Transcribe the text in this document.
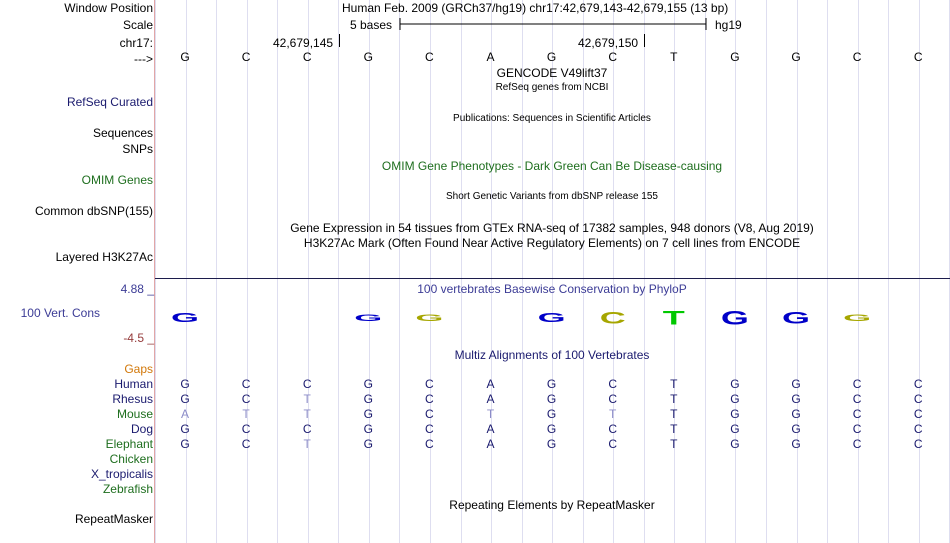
Window Position
Scale
chr17:
--->
Human Feb. 2009 (GRCh37/hg19) chr17:42,679,143-42,679,155 (13 bp)
5 bases	hg19
42,679,145	42,679,150
G	C	C	G	C	A	G	C	T	G	G	C	C
GENCODE V49lift37
RefSeq genes from NCBI
RefSeq Curated
Publications: Sequences in Scientific Articles
Sequences
SNPs
OMIM Gene Phenotypes - Dark Green Can Be Disease-causing
OMIM Genes
Short Genetic Variants from dbSNP release 155
Common dbSNP(155)
Gene Expression in 54 tissues from GTEx RNA-seq of 17382 samples, 948 donors (V8, Aug 2019)
H3K27Ac Mark (Often Found Near Active Regulatory Elements) on 7 cell lines from ENCODE
Layered H3K27Ac
100 vertebrates Basewise Conservation by PhyloP
4.88 _
100 Vert. Cons
-4.5 _
G	G G	G C	T	G G G
Multiz Alignments of 100 Vertebrates
Gaps
Human	G	C	C	G	C	A	G	C	T	G	G	C	C
Rhesus	G	C	T	G	C	A	G	C	T	G	G	C	C
Mouse	A	T	T	G	C	T	G	T	T	G	G	C	C
Dog	G	C	C	G	C	A	G	C	T	G	G	C	C
Elephant	G	C	T	G	C	A	G	C	T	G	G	C	C
Chicken
X_tropicalis
Zebrafish
Repeating Elements by RepeatMasker
RepeatMasker
